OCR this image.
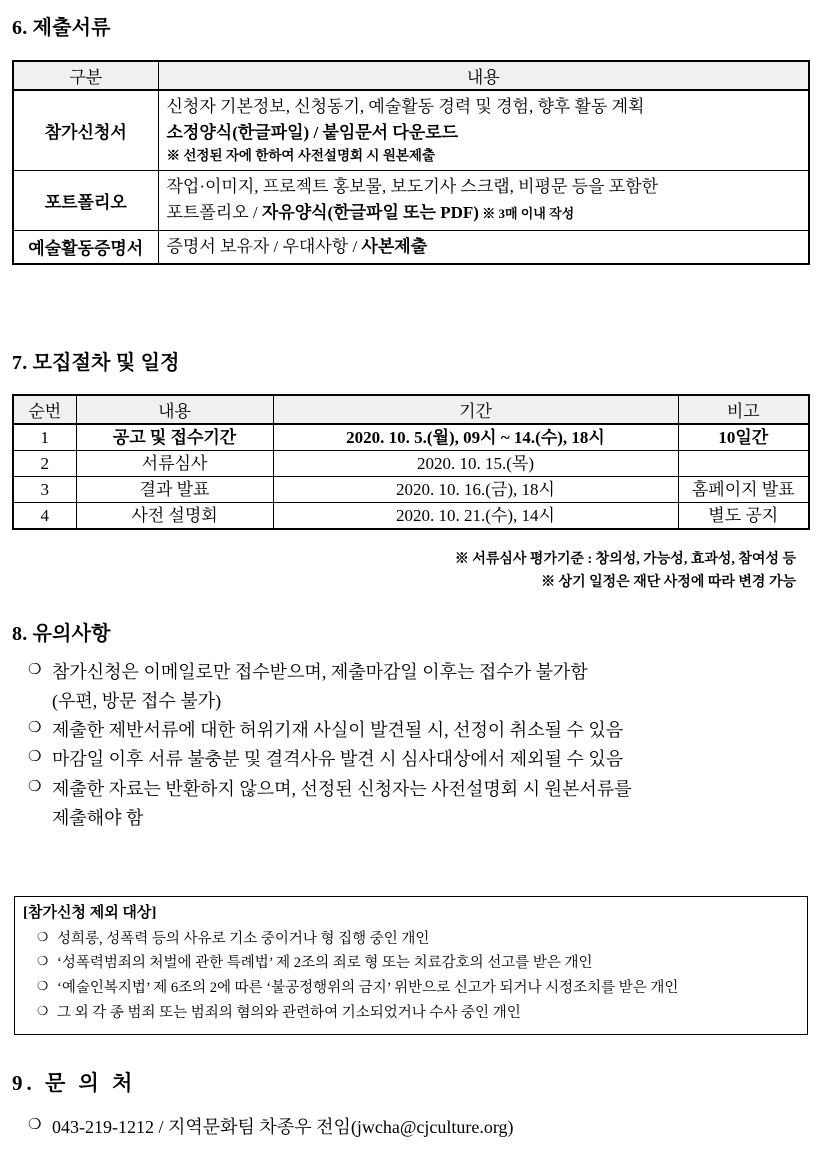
6. 제출서류
구분	내용
참가신청서	신청자 기본정보, 신청동기, 예술활동 경력 및 경험, 향후 활동 계획
소정양식(한글파일) / 붙임문서 다운로드
※ 선정된 자에 한하여 사전설명회 시 원본제출

포트폴리오	작업·이미지, 프로젝트 홍보물, 보도기사 스크랩, 비평문 등을 포함한
포트폴리오 / 자유양식(한글파일 또는 PDF) ※ 3매 이내 작성

예술활동증명서	증명서 보유자 / 우대사항 / 사본제출
7. 모집절차 및 일정
순번	내용	기간	비고
1	공고 및 접수기간	2020. 10. 5.(월), 09시 ~ 14.(수), 18시	10일간
2	서류심사	2020. 10. 15.(목)	
3	결과 발표	2020. 10. 16.(금), 18시	홈페이지 발표
4	사전 설명회	2020. 10. 21.(수), 14시	별도 공지
※ 서류심사 평가기준 : 창의성, 가능성, 효과성, 참여성 등
※ 상기 일정은 재단 사정에 따라 변경 가능
8. 유의사항
❍ 참가신청은 이메일로만 접수받으며, 제출마감일 이후는 접수가 불가함
(우편, 방문 접수 불가)
❍ 제출한 제반서류에 대한 허위기재 사실이 발견될 시, 선정이 취소될 수 있음
❍ 마감일 이후 서류 불충분 및 결격사유 발견 시 심사대상에서 제외될 수 있음
❍ 제출한 자료는 반환하지 않으며, 선정된 신청자는 사전설명회 시 원본서류를
제출해야 함
[참가신청 제외 대상]
❍ 성희롱, 성폭력 등의 사유로 기소 중이거나 형 집행 중인 개인
❍ ‘성폭력범죄의 처벌에 관한 특례법’ 제 2조의 죄로 형 또는 치료감호의 선고를 받은 개인
❍ ‘예술인복지법’ 제 6조의 2에 따른 ‘불공정행위의 금지’ 위반으로 신고가 되거나 시정조치를 받은 개인
❍ 그 외 각 종 범죄 또는 범죄의 혐의와 관련하여 기소되었거나 수사 중인 개인
9. 문 의 처
❍ 043-219-1212 / 지역문화팀 차종우 전임(jwcha@cjculture.org)
